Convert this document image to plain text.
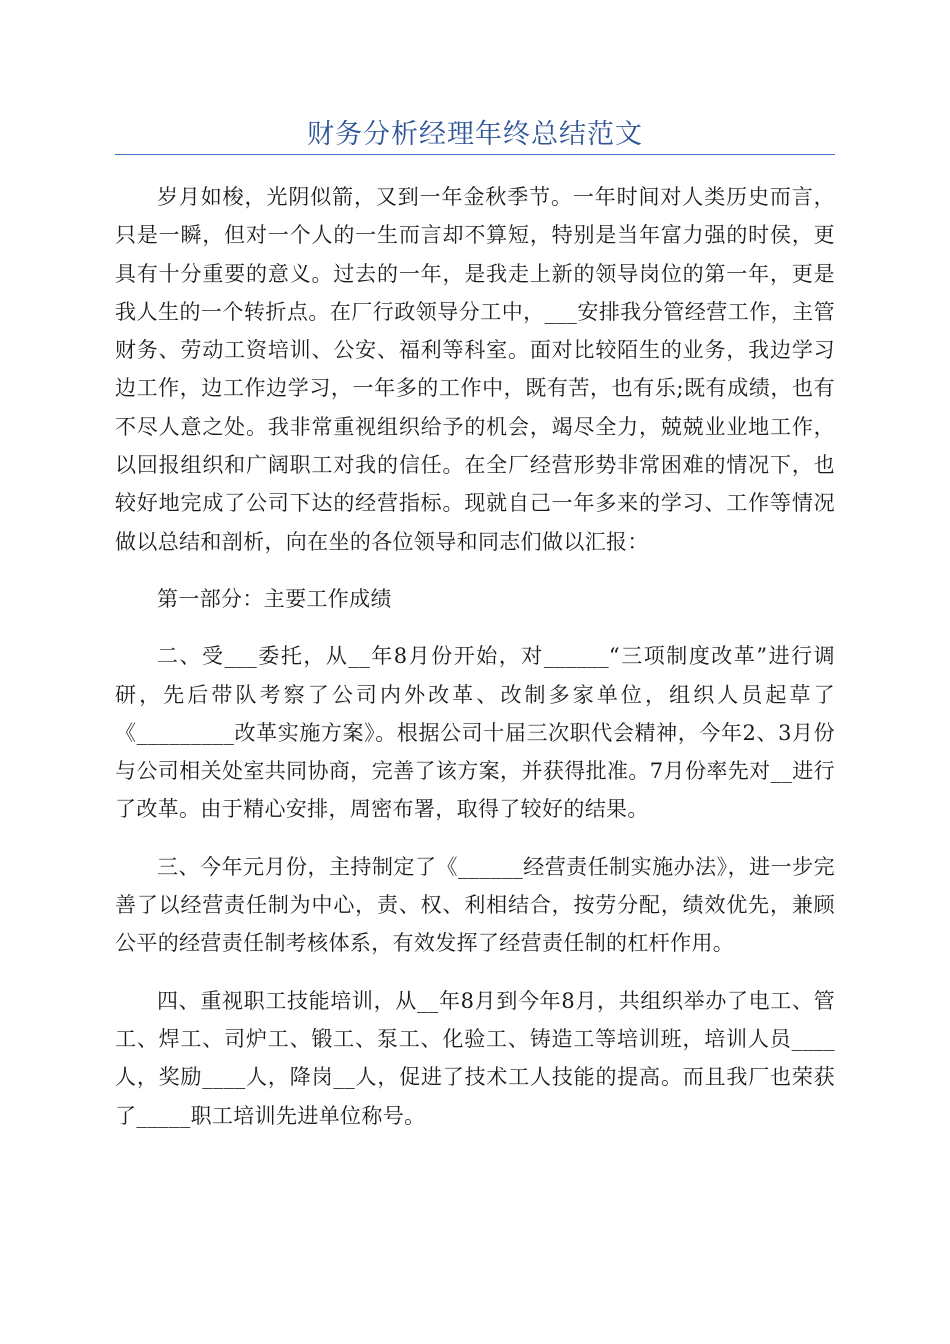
财务分析经理年终总结范文

岁月如梭，光阴似箭，又到一年金秋季节。一年时间对人类历史而言，只是一瞬，但对一个人的一生而言却不算短，特别是当年富力强的时侯，更具有十分重要的意义。过去的一年，是我走上新的领导岗位的第一年，更是我人生的一个转折点。在厂行政领导分工中，___安排我分管经营工作，主管财务、劳动工资培训、公安、福利等科室。面对比较陌生的业务，我边学习边工作，边工作边学习，一年多的工作中，既有苦，也有乐;既有成绩，也有不尽人意之处。我非常重视组织给予的机会，竭尽全力，兢兢业业地工作，以回报组织和广阔职工对我的信任。在全厂经营形势非常困难的情况下，也较好地完成了公司下达的经营指标。现就自己一年多来的学习、工作等情况做以总结和剖析，向在坐的各位领导和同志们做以汇报：

第一部分：主要工作成绩

二、受___委托，从__年8月份开始，对______“三项制度改革”进行调研，先后带队考察了公司内外改革、改制多家单位，组织人员起草了《_________改革实施方案》。根据公司十届三次职代会精神，今年2、3月份与公司相关处室共同协商，完善了该方案，并获得批准。7月份率先对__进行了改革。由于精心安排，周密布署，取得了较好的结果。

三、今年元月份，主持制定了《______经营责任制实施办法》，进一步完善了以经营责任制为中心，责、权、利相结合，按劳分配，绩效优先，兼顾公平的经营责任制考核体系，有效发挥了经营责任制的杠杆作用。

四、重视职工技能培训，从__年8月到今年8月，共组织举办了电工、管工、焊工、司炉工、锻工、泵工、化验工、铸造工等培训班，培训人员____人，奖励____人，降岗__人，促进了技术工人技能的提高。而且我厂也荣获了_____职工培训先进单位称号。
